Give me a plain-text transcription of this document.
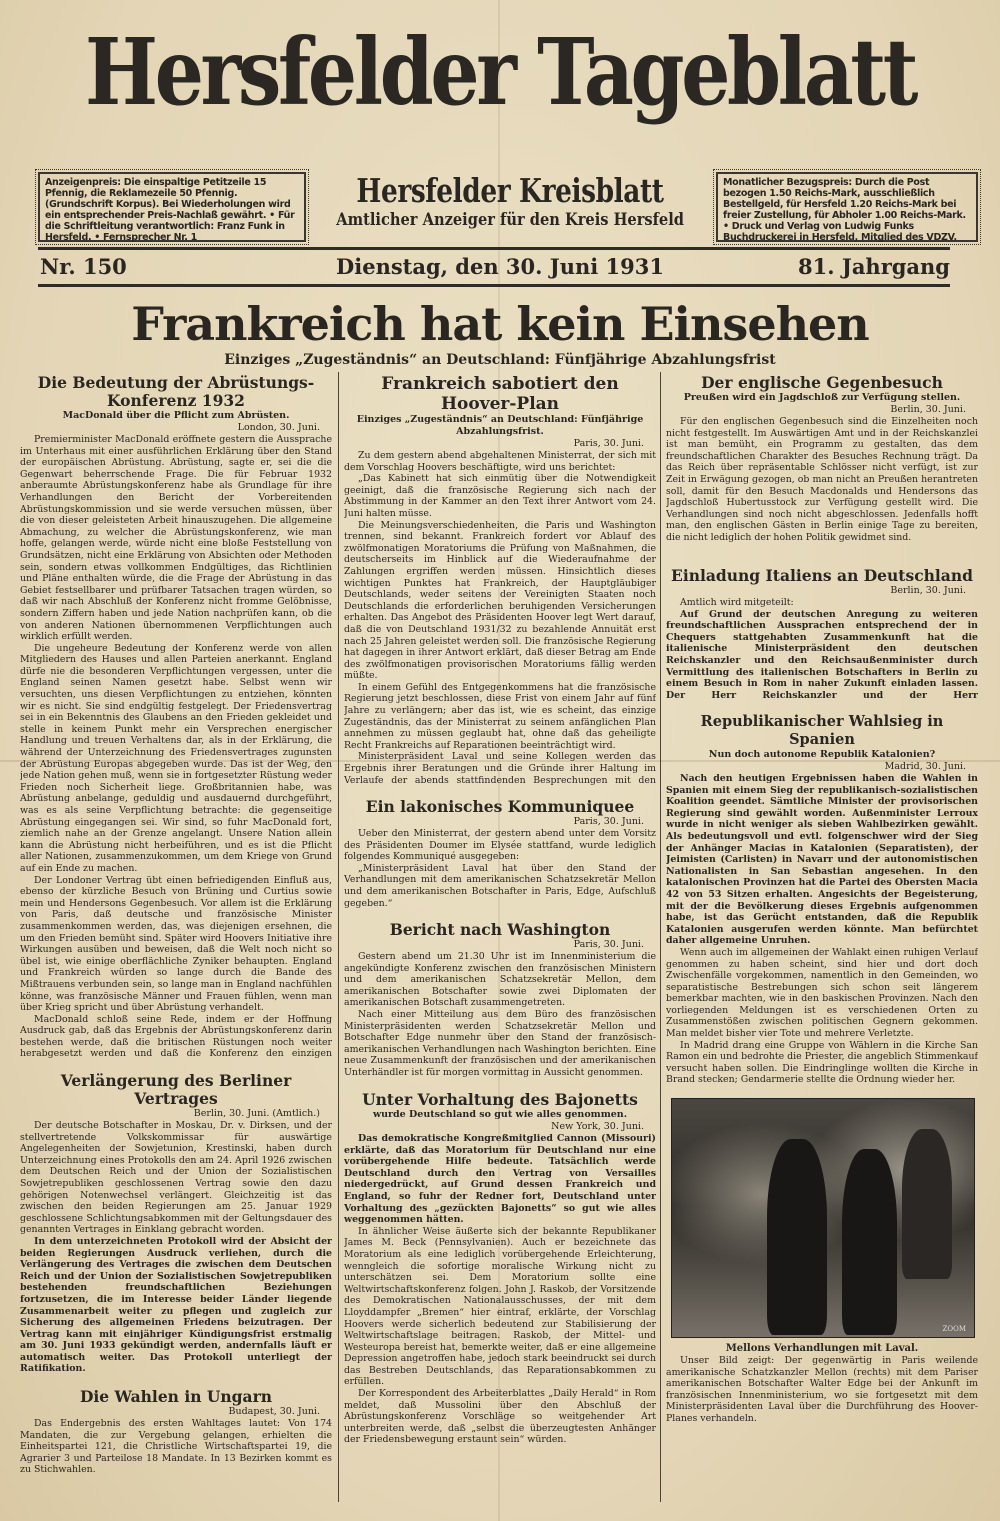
Hersfelder Tageblatt
Anzeigenpreis: Die einspaltige Petitzeile 15 Pfennig, die Reklamezeile 50 Pfennig. (Grundschrift Korpus). Bei Wiederholungen wird ein entsprechender Preis-Nachlaß gewährt. • Für die Schriftleitung verantwortlich: Franz Funk in Hersfeld. • Fernsprecher Nr. 1
Monatlicher Bezugspreis: Durch die Post bezogen 1.50 Reichs-Mark, ausschließlich Bestellgeld, für Hersfeld 1.20 Reichs-Mark bei freier Zustellung, für Abholer 1.00 Reichs-Mark. • Druck und Verlag von Ludwig Funks Buchdruckerei in Hersfeld, Mitglied des VDZV.
Hersfelder Kreisblatt
Amtlicher Anzeiger für den Kreis Hersfeld
Nr. 150	Dienstag, den 30. Juni 1931	81. Jahrgang
Frankreich hat kein Einsehen
Einziges „Zugeständnis“ an Deutschland: Fünfjährige Abzahlungsfrist
Die Bedeutung der Abrüstungs-Konferenz 1932
MacDonald über die Pflicht zum Abrüsten.
London, 30. Juni.

Premierminister MacDonald eröffnete gestern die Aussprache im Unterhaus mit einer ausführlichen Erklärung über den Stand der europäischen Abrüstung. Abrüstung, sagte er, sei die die Gegenwart beherrschende Frage. Die für Februar 1932 anberaumte Abrüstungskonferenz habe als Grundlage für ihre Verhandlungen den Bericht der Vorbereitenden Abrüstungskommission und sie werde versuchen müssen, über die von dieser geleisteten Arbeit hinauszugehen. Die allgemeine Abmachung, zu welcher die Abrüstungskonferenz, wie man hoffe, gelangen werde, würde nicht eine bloße Feststellung von Grundsätzen, nicht eine Erklärung von Absichten oder Methoden sein, sondern etwas vollkommen Endgültiges, das Richtlinien und Pläne enthalten würde, die die Frage der Abrüstung in das Gebiet festsellbarer und prüfbarer Tatsachen tragen würden, so daß wir nach Abschluß der Konferenz nicht fromme Gelöbnisse, sondern Ziffern haben und jede Nation nachprüfen kann, ob die von anderen Nationen übernommenen Verpflichtungen auch wirklich erfüllt werden.

Die ungeheure Bedeutung der Konferenz werde von allen Mitgliedern des Hauses und allen Parteien anerkannt. England dürfe nie die besonderen Verpflichtungen vergessen, unter die England seinen Namen gesetzt habe. Selbst wenn wir versuchten, uns diesen Verpflichtungen zu entziehen, könnten wir es nicht. Sie sind endgültig festgelegt. Der Friedensvertrag sei in ein Bekenntnis des Glaubens an den Frieden gekleidet und stelle in keinem Punkt mehr ein Versprechen energischer Handlung und treuen Verhaltens dar, als in der Erklärung, die während der Unterzeichnung des Friedensvertrages zugunsten der Abrüstung Europas abgegeben wurde. Das ist der Weg, den jede Nation gehen muß, wenn sie in fortgesetzter Rüstung weder Frieden noch Sicherheit liege. Großbritannien habe, was Abrüstung anbelange, geduldig und ausdauernd durchgeführt, was es als seine Verpflichtung betrachte: die gegenseitige Abrüstung eingegangen sei. Wir sind, so fuhr MacDonald fort, ziemlich nahe an der Grenze angelangt. Unsere Nation allein kann die Abrüstung nicht herbeiführen, und es ist die Pflicht aller Nationen, zusammenzukommen, um dem Kriege von Grund auf ein Ende zu machen.

Der Londoner Vertrag übt einen befriedigenden Einfluß aus, ebenso der kürzliche Besuch von Brüning und Curtius sowie mein und Hendersons Gegenbesuch. Vor allem ist die Erklärung von Paris, daß deutsche und französische Minister zusammenkommen werden, das, was diejenigen ersehnen, die um den Frieden bemüht sind. Später wird Hoovers Initiative ihre Wirkungen ausüben und beweisen, daß die Welt noch nicht so übel ist, wie einige oberflächliche Zyniker behaupten. England und Frankreich würden so lange durch die Bande des Mißtrauens verbunden sein, so lange man in England nachfühlen könne, was französische Männer und Frauen fühlen, wenn man über Krieg spricht und über Abrüstung verhandelt.

MacDonald schloß seine Rede, indem er der Hoffnung Ausdruck gab, daß das Ergebnis der Abrüstungskonferenz darin bestehen werde, daß die britischen Rüstungen noch weiter herabgesetzt werden und daß die Konferenz den einzigen

Verlängerung des Berliner Vertrages
Berlin, 30. Juni. (Amtlich.)

Der deutsche Botschafter in Moskau, Dr. v. Dirksen, und der stellvertretende Volkskommissar für auswärtige Angelegenheiten der Sowjetunion, Krestinski, haben durch Unterzeichnung eines Protokolls den am 24. April 1926 zwischen dem Deutschen Reich und der Union der Sozialistischen Sowjetrepubliken geschlossenen Vertrag sowie den dazu gehörigen Notenwechsel verlängert. Gleichzeitig ist das zwischen den beiden Regierungen am 25. Januar 1929 geschlossene Schlichtungsabkommen mit der Geltungsdauer des genannten Vertrages in Einklang gebracht worden.

In dem unterzeichneten Protokoll wird der Absicht der beiden Regierungen Ausdruck verliehen, durch die Verlängerung des Vertrages die zwischen dem Deutschen Reich und der Union der Sozialistischen Sowjetrepubliken bestehenden freundschaftlichen Beziehungen fortzusetzen, die im Interesse beider Länder liegende Zusammenarbeit weiter zu pflegen und zugleich zur Sicherung des allgemeinen Friedens beizutragen. Der Vertrag kann mit einjähriger Kündigungsfrist erstmalig am 30. Juni 1933 gekündigt werden, andernfalls läuft er automatisch weiter. Das Protokoll unterliegt der Ratifikation.

Die Wahlen in Ungarn
Budapest, 30. Juni.

Das Endergebnis des ersten Wahltages lautet: Von 174 Mandaten, die zur Vergebung gelangen, erhielten die Einheitspartei 121, die Christliche Wirtschaftspartei 19, die Agrarier 3 und Parteilose 18 Mandate. In 13 Bezirken kommt es zu Stichwahlen.

Frankreich sabotiert den Hoover-Plan
Einziges „Zugeständnis“ an Deutschland: Fünfjährige Abzahlungsfrist.
Paris, 30. Juni.

Zu dem gestern abend abgehaltenen Ministerrat, der sich mit dem Vorschlag Hoovers beschäftigte, wird uns berichtet:

„Das Kabinett hat sich einmütig über die Notwendigkeit geeinigt, daß die französische Regierung sich nach der Abstimmung in der Kammer an den Text ihrer Antwort vom 24. Juni halten müsse.

Die Meinungsverschiedenheiten, die Paris und Washington trennen, sind bekannt. Frankreich fordert vor Ablauf des zwölfmonatigen Moratoriums die Prüfung von Maßnahmen, die deutscherseits im Hinblick auf die Wiederaufnahme der Zahlungen ergriffen werden müssen. Hinsichtlich dieses wichtigen Punktes hat Frankreich, der Hauptgläubiger Deutschlands, weder seitens der Vereinigten Staaten noch Deutschlands die erforderlichen beruhigenden Versicherungen erhalten. Das Angebot des Präsidenten Hoover legt Wert darauf, daß die von Deutschland 1931/32 zu bezahlende Annuität erst nach 25 Jahren geleistet werden soll. Die französische Regierung hat dagegen in ihrer Antwort erklärt, daß dieser Betrag am Ende des zwölfmonatigen provisorischen Moratoriums fällig werden müßte.

In einem Gefühl des Entgegenkommens hat die französische Regierung jetzt beschlossen, diese Frist von einem Jahr auf fünf Jahre zu verlängern; aber das ist, wie es scheint, das einzige Zugeständnis, das der Ministerrat zu seinem anfänglichen Plan annehmen zu müssen geglaubt hat, ohne daß das geheiligte Recht Frankreichs auf Reparationen beeinträchtigt wird.

Ministerpräsident Laval und seine Kollegen werden das Ergebnis ihrer Beratungen und die Gründe ihrer Haltung im Verlaufe der abends stattfindenden Besprechungen mit den

Ein lakonisches Kommuniquee
Paris, 30. Juni.

Ueber den Ministerrat, der gestern abend unter dem Vorsitz des Präsidenten Doumer im Elysée stattfand, wurde lediglich folgendes Kommuniqué ausgegeben:

„Ministerpräsident Laval hat über den Stand der Verhandlungen mit dem amerikanischen Schatzsekretär Mellon und dem amerikanischen Botschafter in Paris, Edge, Aufschluß gegeben.“

Bericht nach Washington
Paris, 30. Juni.

Gestern abend um 21.30 Uhr ist im Innenministerium die angekündigte Konferenz zwischen den französischen Ministern und dem amerikanischen Schatzsekretär Mellon, dem amerikanischen Botschafter sowie zwei Diplomaten der amerikanischen Botschaft zusammengetreten.

Nach einer Mitteilung aus dem Büro des französischen Ministerpräsidenten werden Schatzsekretär Mellon und Botschafter Edge nunmehr über den Stand der französisch-amerikanischen Verhandlungen nach Washington berichten. Eine neue Zusammenkunft der französischen und der amerikanischen Unterhändler ist für morgen vormittag in Aussicht genommen.

Unter Vorhaltung des Bajonetts
wurde Deutschland so gut wie alles genommen.
New York, 30. Juni.

Das demokratische Kongreßmitglied Cannon (Missouri) erklärte, daß das Moratorium für Deutschland nur eine vorübergehende Hilfe bedeute. Tatsächlich werde Deutschland durch den Vertrag von Versailles niedergedrückt, auf Grund dessen Frankreich und England, so fuhr der Redner fort, Deutschland unter Vorhaltung des „gezückten Bajonetts“ so gut wie alles weggenommen hätten.

In ähnlicher Weise äußerte sich der bekannte Republikaner James M. Beck (Pennsylvanien). Auch er bezeichnete das Moratorium als eine lediglich vorübergehende Erleichterung, wenngleich die sofortige moralische Wirkung nicht zu unterschätzen sei. Dem Moratorium sollte eine Weltwirtschaftskonferenz folgen. John J. Raskob, der Vorsitzende des Demokratischen Nationalausschusses, der mit dem Lloyddampfer „Bremen“ hier eintraf, erklärte, der Vorschlag Hoovers werde sicherlich bedeutend zur Stabilisierung der Weltwirtschaftslage beitragen. Raskob, der Mittel- und Westeuropa bereist hat, bemerkte weiter, daß er eine allgemeine Depression angetroffen habe, jedoch stark beeindruckt sei durch das Bestreben Deutschlands, das Reparationsabkommen zu erfüllen.

Der Korrespondent des Arbeiterblattes „Daily Herald“ in Rom meldet, daß Mussolini über den Abschluß der Abrüstungskonferenz Vorschläge so weitgehender Art unterbreiten werde, daß „selbst die überzeugtesten Anhänger der Friedensbewegung erstaunt sein“ würden.

Der englische Gegenbesuch
Preußen wird ein Jagdschloß zur Verfügung stellen.
Berlin, 30. Juni.

Für den englischen Gegenbesuch sind die Einzelheiten noch nicht festgestellt. Im Auswärtigen Amt und in der Reichskanzlei ist man bemüht, ein Programm zu gestalten, das dem freundschaftlichen Charakter des Besuches Rechnung trägt. Da das Reich über repräsentable Schlösser nicht verfügt, ist zur Zeit in Erwägung gezogen, ob man nicht an Preußen herantreten soll, damit für den Besuch Macdonalds und Hendersons das Jagdschloß Hubertusstock zur Verfügung gestellt wird. Die Verhandlungen sind noch nicht abgeschlossen. Jedenfalls hofft man, den englischen Gästen in Berlin einige Tage zu bereiten, die nicht lediglich der hohen Politik gewidmet sind.

Einladung Italiens an Deutschland
Berlin, 30. Juni.
Amtlich wird mitgeteilt:

Auf Grund der deutschen Anregung zu weiteren freundschaftlichen Aussprachen entsprechend der in Chequers stattgehabten Zusammenkunft hat die italienische Ministerpräsident den deutschen Reichskanzler und den Reichsaußenminister durch Vermittlung des italienischen Botschafters in Berlin zu einem Besuch in Rom in naher Zukunft einladen lassen. Der Herr Reichskanzler und der Herr

Republikanischer Wahlsieg in Spanien
Nun doch autonome Republik Katalonien?
Madrid, 30. Juni.

Nach den heutigen Ergebnissen haben die Wahlen in Spanien mit einem Sieg der republikanisch-sozialistischen Koalition geendet. Sämtliche Minister der provisorischen Regierung sind gewählt worden. Außenminister Lerroux wurde in nicht weniger als sieben Wahlbezirken gewählt. Als bedeutungsvoll und evtl. folgenschwer wird der Sieg der Anhänger Macias in Katalonien (Separatisten), der Jeimisten (Carlisten) in Navarr und der autonomistischen Nationalisten in San Sebastian angesehen. In den katalonischen Provinzen hat die Partei des Obersten Macia 42 von 53 Sitzen erhalten. Angesichts der Begeisterung, mit der die Bevölkerung dieses Ergebnis aufgenommen habe, ist das Gerücht entstanden, daß die Republik Katalonien ausgerufen werden könnte. Man befürchtet daher allgemeine Unruhen.

Wenn auch im allgemeinen der Wahlakt einen ruhigen Verlauf genommen zu haben scheint, sind hier und dort doch Zwischenfälle vorgekommen, namentlich in den Gemeinden, wo separatistische Bestrebungen sich schon seit längerem bemerkbar machten, wie in den baskischen Provinzen. Nach den vorliegenden Meldungen ist es verschiedenen Orten zu Zusammenstößen zwischen politischen Gegnern gekommen. Man meldet bisher vier Tote und mehrere Verletzte.

In Madrid drang eine Gruppe von Wählern in die Kirche San Ramon ein und bedrohte die Priester, die angeblich Stimmenkauf versucht haben sollen. Die Eindringlinge wollten die Kirche in Brand stecken; Gendarmerie stellte die Ordnung wieder her.

ZOOM
Mellons Verhandlungen mit Laval.

Unser Bild zeigt: Der gegenwärtig in Paris weilende amerikanische Schatzkanzler Mellon (rechts) mit dem Pariser amerikanischen Botschafter Walter Edge bei der Ankunft im französischen Innenministerium, wo sie fortgesetzt mit dem Ministerpräsidenten Laval über die Durchführung des Hoover-Planes verhandeln.
